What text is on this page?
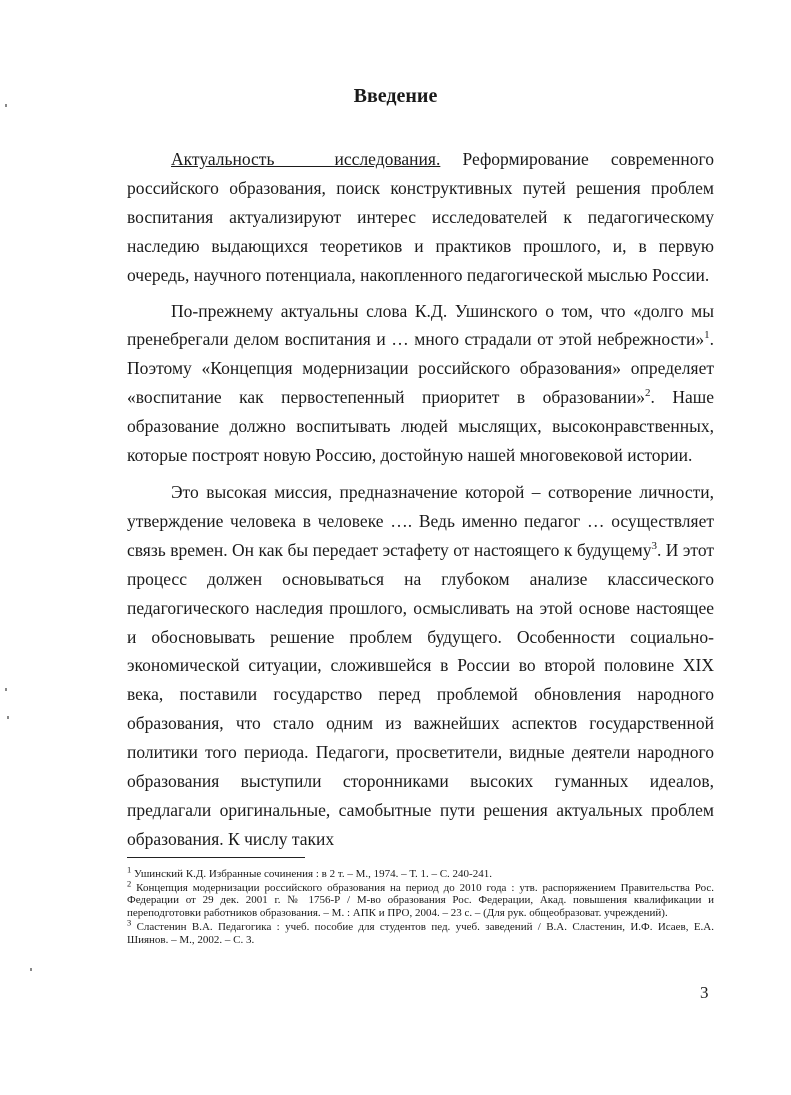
Введение

Актуальность исследования. Реформирование современного российского образования, поиск конструктивных путей решения проблем воспитания актуализируют интерес исследователей к педагогическому наследию выдающихся теоретиков и практиков прошлого, и, в первую очередь, научного потенциала, накопленного педагогической мыслью России.

По-прежнему актуальны слова К.Д. Ушинского о том, что «долго мы пренебрегали делом воспитания и … много страдали от этой небрежности»$^1$. Поэтому «Концепция модернизации российского образования» определяет «воспитание как первостепенный приоритет в образовании»$^2$. Наше образование должно воспитывать людей мыслящих, высоконравственных, которые построят новую Россию, достойную нашей многовековой истории.

Это высокая миссия, предназначение которой – сотворение личности, утверждение человека в человеке …. Ведь именно педагог … осуществляет связь времен. Он как бы передает эстафету от настоящего к будущему$^3$. И этот процесс должен основываться на глубоком анализе классического педагогического наследия прошлого, осмысливать на этой основе настоящее и обосновывать решение проблем будущего. Особенности социально-экономической ситуации, сложившейся в России во второй половине XIX века, поставили государство перед проблемой обновления народного образования, что стало одним из важнейших аспектов государственной политики того периода. Педагоги, просветители, видные деятели народного образования выступили сторонниками высоких гуманных идеалов, предлагали оригинальные, самобытные пути решения актуальных проблем образования. К числу таких

$^1$ Ушинский К.Д. Избранные сочинения : в 2 т. – М., 1974. – Т. 1. – С. 240-241.
$^2$ Концепция модернизации российского образования на период до 2010 года : утв. распоряжением Правительства Рос. Федерации от 29 дек. 2001 г. № 1756-Р / М-во образования Рос. Федерации, Акад. повышения квалификации и переподготовки работников образования. – М. : АПК и ПРО, 2004. – 23 с. – (Для рук. общеобразоват. учреждений).
$^3$ Сластенин В.А. Педагогика : учеб. пособие для студентов пед. учеб. заведений / В.А. Сластенин, И.Ф. Исаев, Е.А. Шиянов. – М., 2002. – С. 3.
3
